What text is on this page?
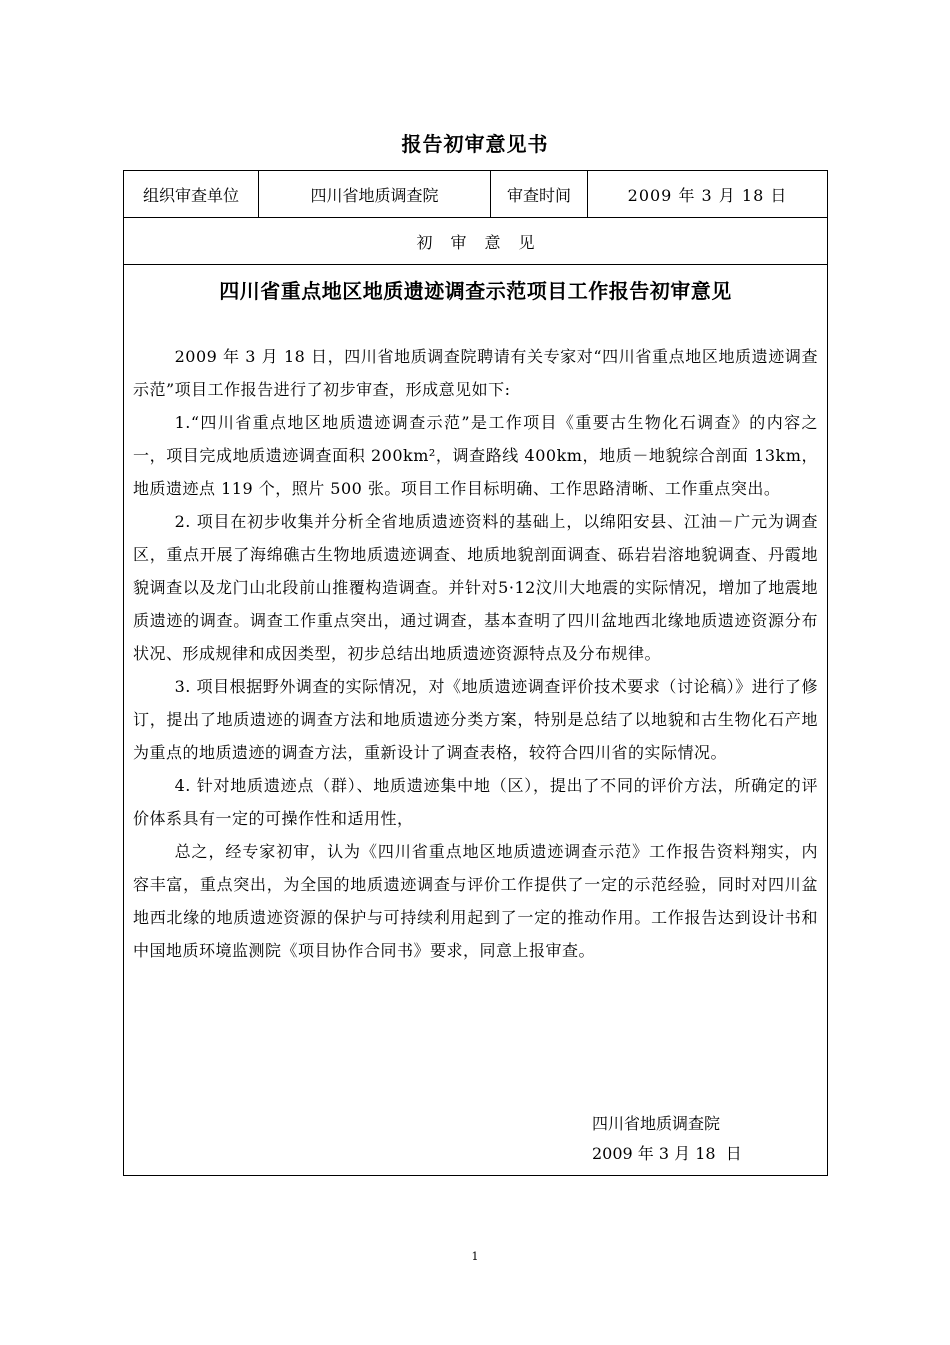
报告初审意见书
组织审查单位	四川省地质调查院	审查时间	2009 年 3 月 18 日
初审意见
四川省重点地区地质遗迹调查示范项目工作报告初审意见

2009 年 3 月 18 日，四川省地质调查院聘请有关专家对“四川省重点地区地质遗迹调查示范”项目工作报告进行了初步审查，形成意见如下:

1.“四川省重点地区地质遗迹调查示范”是工作项目《重要古生物化石调查》的内容之一，项目完成地质遗迹调查面积 200km²，调查路线 400km，地质－地貌综合剖面 13km，地质遗迹点 119 个，照片 500 张。项目工作目标明确、工作思路清晰、工作重点突出。

2. 项目在初步收集并分析全省地质遗迹资料的基础上，以绵阳安县、江油－广元为调查区，重点开展了海绵礁古生物地质遗迹调查、地质地貌剖面调查、砾岩岩溶地貌调查、丹霞地貌调查以及龙门山北段前山推覆构造调查。并针对5·12汶川大地震的实际情况，增加了地震地质遗迹的调查。调查工作重点突出，通过调查，基本查明了四川盆地西北缘地质遗迹资源分布状况、形成规律和成因类型，初步总结出地质遗迹资源特点及分布规律。

3. 项目根据野外调查的实际情况，对《地质遗迹调查评价技术要求（讨论稿）》进行了修订，提出了地质遗迹的调查方法和地质遗迹分类方案，特别是总结了以地貌和古生物化石产地为重点的地质遗迹的调查方法，重新设计了调查表格，较符合四川省的实际情况。

4. 针对地质遗迹点（群）、地质遗迹集中地（区），提出了不同的评价方法，所确定的评价体系具有一定的可操作性和适用性，

总之，经专家初审，认为《四川省重点地区地质遗迹调查示范》工作报告资料翔实，内容丰富，重点突出，为全国的地质遗迹调查与评价工作提供了一定的示范经验，同时对四川盆地西北缘的地质遗迹资源的保护与可持续利用起到了一定的推动作用。工作报告达到设计书和中国地质环境监测院《项目协作合同书》要求，同意上报审查。

四川省地质调查院
2009 年 3 月 18  日
1
